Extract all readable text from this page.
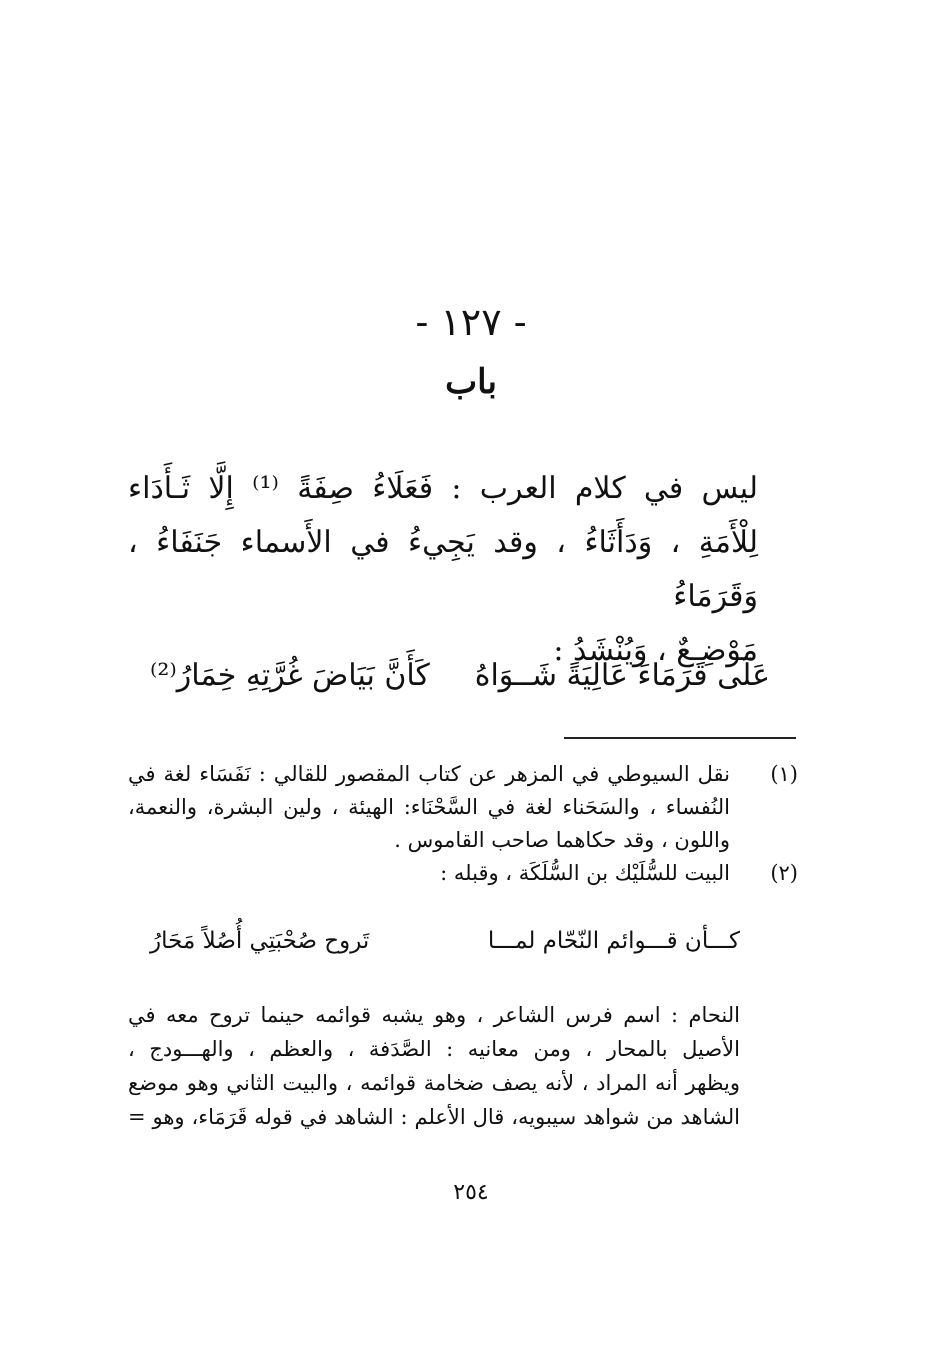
- ١٢٧ -
باب
ليس في كلام العرب : فَعَلَاءُ صِفَةً ⁽¹⁾ إِلَّا ثَـأَدَاء
لِلْأَمَةِ ، وَدَأَثَاءُ ، وقد يَجِيءُ في الأَسماء جَنَفَاءُ ، وَقَرَمَاءُ
مَوْضِـعٌ ، وَيُنْشَدُ :
عَلَى قَرَمَاءَ عَالِيَةً شَــوَاهُ
كَأَنَّ بَيَاضَ غُرَّتِهِ خِمَارُ⁽²⁾
(١)
نقل السيوطي في المزهر عن كتاب المقصور للقالي : نَفَسَاء لغة في
النُفساء ، والسَحَناء لغة في السَّحْنَاء: الهيئة ، ولين البشرة، والنعمة،
واللون ، وقد حكاهما صاحب القاموس .
(٢)
البيت للسُّلَيْك بن السُّلَكَة ، وقبله :
كـــأن قـــوائم النّحّام لمـــا
تَروح صُحْبَتِي أُصُلاً مَحَارُ
النحام : اسم فرس الشاعر ، وهو يشبه قوائمه حينما تروح معه في
الأصيل بالمحار ، ومن معانيه : الصَّدَفة ، والعظم ، والهـــودج ،
ويظهر أنه المراد ، لأنه يصف ضخامة قوائمه ، والبيت الثاني وهو موضع
الشاهد من شواهد سيبويه، قال الأعلم : الشاهد في قوله قَرَمَاء، وهو =
٢٥٤
